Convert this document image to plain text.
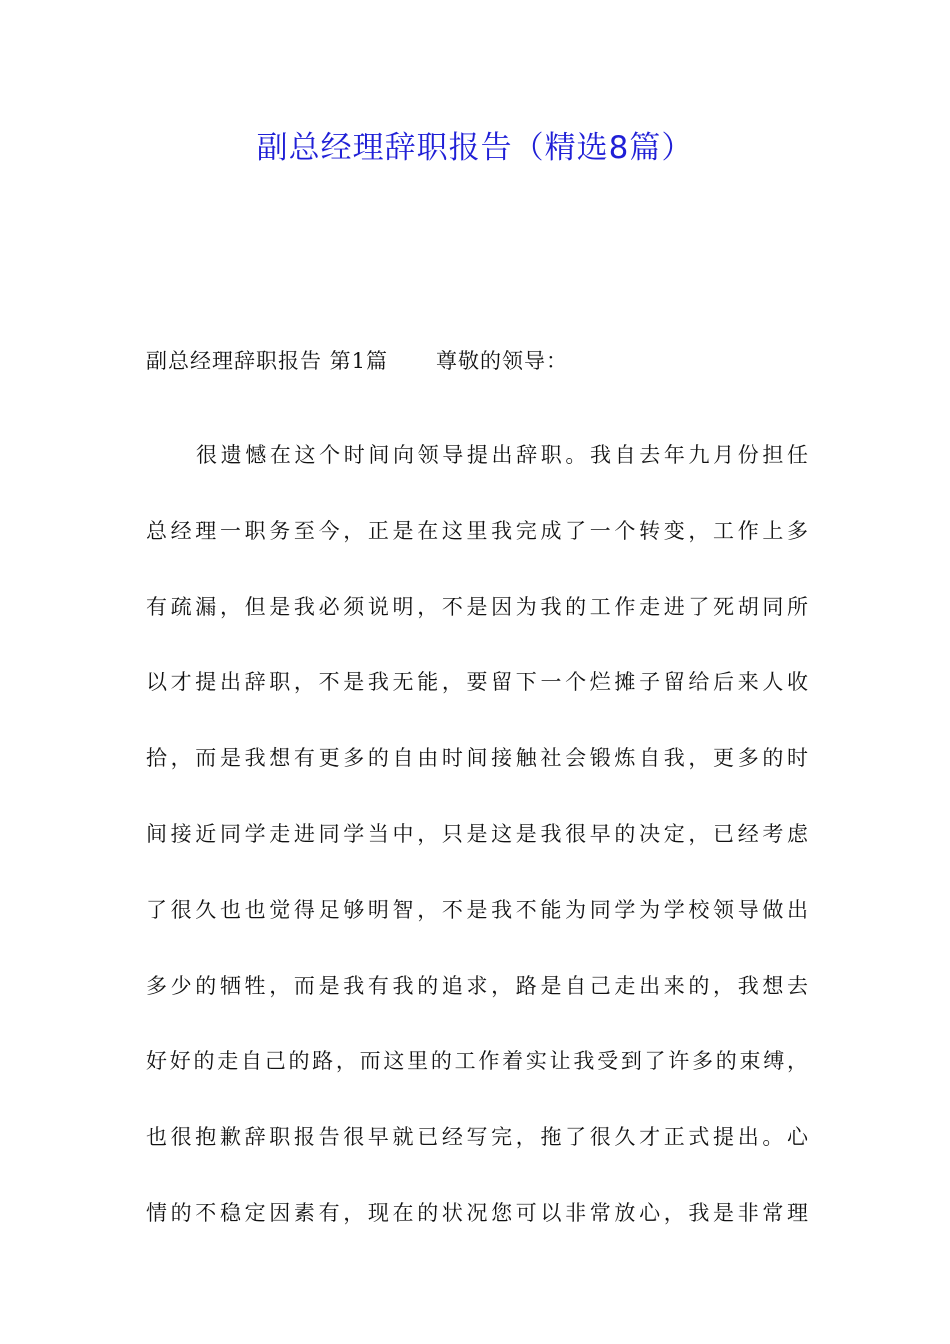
副总经理辞职报告（精选8篇）
副总经理辞职报告 第1篇 尊敬的领导：
很遗憾在这个时间向领导提出辞职。我自去年九月份担任
总经理一职务至今，正是在这里我完成了一个转变，工作上多
有疏漏，但是我必须说明，不是因为我的工作走进了死胡同所
以才提出辞职，不是我无能，要留下一个烂摊子留给后来人收
拾，而是我想有更多的自由时间接触社会锻炼自我，更多的时
间接近同学走进同学当中，只是这是我很早的决定，已经考虑
了很久也也觉得足够明智，不是我不能为同学为学校领导做出
多少的牺牲，而是我有我的追求，路是自己走出来的，我想去
好好的走自己的路，而这里的工作着实让我受到了许多的束缚，
也很抱歉辞职报告很早就已经写完，拖了很久才正式提出。心
情的不稳定因素有，现在的状况您可以非常放心，我是非常理
